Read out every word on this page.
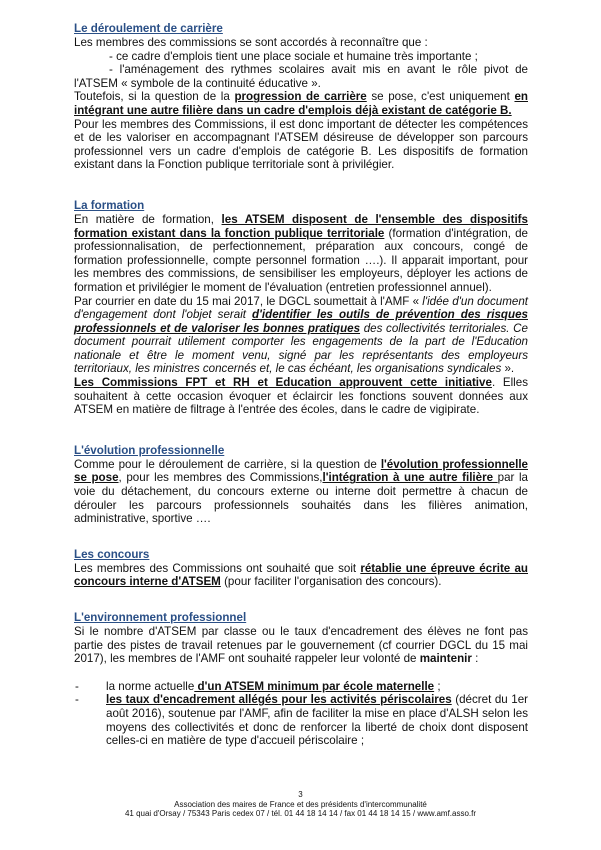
Le déroulement de carrière

Les membres des commissions se sont accordés à reconnaître que :

- ce cadre d'emplois tient une place sociale et humaine très importante ;

- l'aménagement des rythmes scolaires avait mis en avant le rôle pivot de l'ATSEM « symbole de la continuité éducative ».

Toutefois, si la question de la progression de carrière se pose, c'est uniquement en intégrant une autre filière dans un cadre d'emplois déjà existant de catégorie B.

Pour les membres des Commissions, il est donc important de détecter les compétences et de les valoriser en accompagnant l'ATSEM désireuse de développer son parcours professionnel vers un cadre d'emplois de catégorie B. Les dispositifs de formation existant dans la Fonction publique territoriale sont à privilégier.

La formation

En matière de formation, les ATSEM disposent de l'ensemble des dispositifs formation existant dans la fonction publique territoriale (formation d'intégration, de professionnalisation, de perfectionnement, préparation aux concours, congé de formation professionnelle, compte personnel formation ….). Il apparait important, pour les membres des commissions, de sensibiliser les employeurs, déployer les actions de formation et privilégier le moment de l'évaluation (entretien professionnel annuel).

Par courrier en date du 15 mai 2017, le DGCL soumettait à l'AMF « l'idée d'un document d'engagement dont l'objet serait d'identifier les outils de prévention des risques professionnels et de valoriser les bonnes pratiques des collectivités territoriales. Ce document pourrait utilement comporter les engagements de la part de l'Education nationale et être le moment venu, signé par les représentants des employeurs territoriaux, les ministres concernés et, le cas échéant, les organisations syndicales ».

Les Commissions FPT et RH et Education approuvent cette initiative. Elles souhaitent à cette occasion évoquer et éclaircir les fonctions souvent données aux ATSEM en matière de filtrage à l'entrée des écoles, dans le cadre de vigipirate.

L'évolution professionnelle

Comme pour le déroulement de carrière, si la question de l'évolution professionnelle se pose, pour les membres des Commissions,l'intégration à une autre filière par la voie du détachement, du concours externe ou interne doit permettre à chacun de dérouler les parcours professionnels souhaités dans les filières animation, administrative, sportive ….

Les concours

Les membres des Commissions ont souhaité que soit rétablie une épreuve écrite au concours interne d'ATSEM (pour faciliter l'organisation des concours).

L'environnement professionnel

Si le nombre d'ATSEM par classe ou le taux d'encadrement des élèves ne font pas partie des pistes de travail retenues par le gouvernement (cf courrier DGCL du 15 mai 2017), les membres de l'AMF ont souhaité rappeler leur volonté de maintenir :

- la norme actuelle d'un ATSEM minimum par école maternelle ;
- les taux d'encadrement allégés pour les activités périscolaires (décret du 1er août 2016), soutenue par l'AMF, afin de faciliter la mise en place d'ALSH selon les moyens des collectivités et donc de renforcer la liberté de choix dont disposent celles-ci en matière de type d'accueil périscolaire ;
3
Association des maires de France et des présidents d'intercommunalité
41 quai d'Orsay / 75343 Paris cedex 07 / tél. 01 44 18 14 14 / fax 01 44 18 14 15 / www.amf.asso.fr
